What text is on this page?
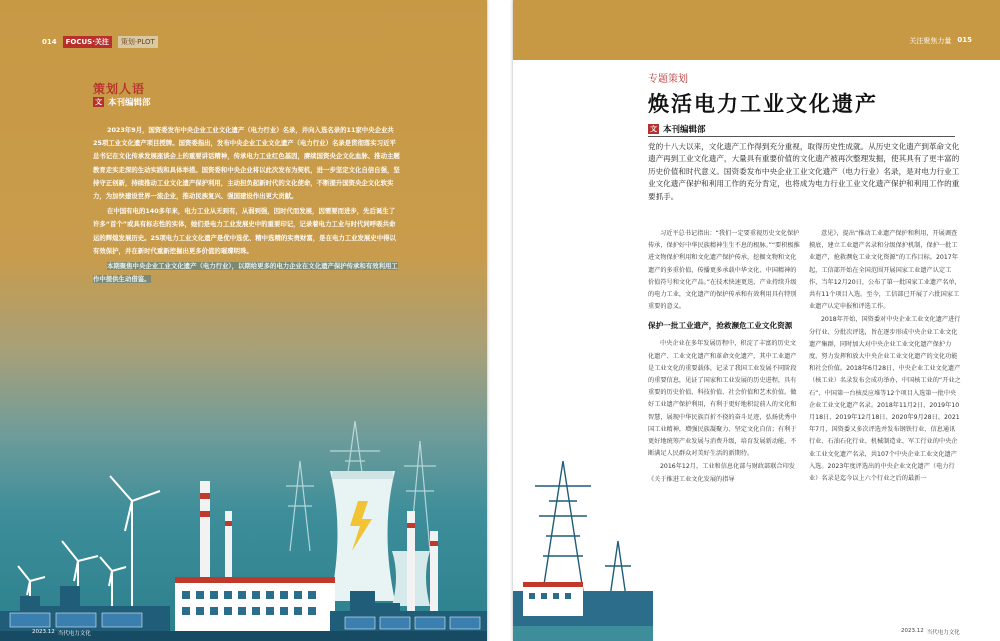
014	FOCUS·关注	策划·PLOT
策划人语
文 本刊编辑部

2023年9月，国资委发布中央企业工业文化遗产（电力行业）名录，并向入选名录的11家中央企业共25项工业文化遗产项目授牌。国资委指出，发布中央企业工业文化遗产（电力行业）名录是贯彻落实习近平总书记在文化传承发展座谈会上的重要讲话精神，传承电力工业红色基因，赓续国资央企文化血脉、推动主题教育走实走深的生动实践和具体举措。国资委和中央企业将以此次发布为契机，进一步坚定文化自信自强，坚持守正创新，持续推动工业文化遗产保护利用，主动担负起新时代的文化使命，不断提升国资央企文化软实力，为加快建设世界一流企业，推动民族复兴、强国建设作出更大贡献。

在中国有电的140多年来，电力工业从无到有，从弱到强，因时代而发展，因需要而进步，先后诞生了许多“首个”或具有标志性的实体，她们是电力工业发展史中的重要印记，记录着电力工业与时代同呼吸共命运的辉煌发展历史。25项电力工业文化遗产是优中选优、精中选精的实贵财富，是在电力工业发展史中得以有效保护，并在新时代重新挖掘出更多价值的璀璨明珠。

本期聚焦中央企业工业文化遗产（电力行业），以期给更多的电力企业在文化遗产保护传承和有效利用工作中提供生动借鉴。

2023.12 当代电力文化
关注聚焦力量 015
专题策划
焕活电力工业文化遗产
文 本刊编辑部
党的十八大以来，文化遗产工作得到充分重视，取得历史性成就。从历史文化遗产到革命文化遗产再到工业文化遗产，大量具有重要价值的文化遗产被再次整理发掘，使其具有了更丰富的历史价值和时代意义。国资委发布中央企业工业文化遗产（电力行业）名录，是对电力行业工业文化遗产保护和利用工作的充分肯定，也将成为电力行业工业文化遗产保护和利用工作的重要抓手。

习近平总书记指出：“我们一定要重视历史文化保护传承，保护好中华民族精神生生不息的根脉。”“要积极推进文物保护利用和文化遗产保护传承，挖掘文物和文化遗产的多重价值，传播更多承载中华文化、中国精神的价值符号和文化产品。”在技术快速更迭、产业持续升级的电力工业，文化遗产的保护传承和有效利用具有特别重要的意义。

保护一批工业遗产，抢救濒危工业文化资源

中央企业在多年发展历程中，积淀了丰富的历史文化遗产、工业文化遗产和革命文化遗产，其中工业遗产是工业文化的重要载体，记录了我国工业发展不同阶段的重要信息，见证了国家和工业发展的历史进程，具有重要的历史价值、科技价值、社会价值和艺术价值。做好工业遗产保护利用，有利于更好地积淀前人的文化和智慧，展现中华民族百折不挠的奋斗足迹，弘扬优秀中国工业精神，增强民族凝聚力、坚定文化自信；有利于更好地统筹产业发展与消费升级，培育发展新动能，不断满足人民群众对美好生活的新期待。

2016年12月，工业和信息化部与财政部联合印发《关于推进工业文化发展的指导

意见》，提出“推动工业遗产保护和利用，开展调查摸底，建立工业遗产名录和分级保护机制，保护一批工业遗产，抢救濒危工业文化资源”的工作目标。2017年起，工信部开始在全国范围开展国家工业遗产认定工作，当年12月20日，公布了第一批国家工业遗产名单，共有11个项目入选。至今，工信部已开展了六批国家工业遗产认定申报和评选工作。

2018年开始，国资委对中央企业工业文化遗产进行分行业、分批次评选，旨在逐步形成中央企业工业文化遗产集群，同时加大对中央企业工业文化遗产保护力度，努力发挥和放大中央企业工业文化遗产的文化功能和社会价值。2018年6月28日，中央企业工业文化遗产（核工业）名录发布会成功举办，中国核工业的“开业之石”、中国第一台核反应堆等12个项目入选第一批中央企业工业文化遗产名录。2018年11月2日、2019年10月18日、2019年12月18日、2020年9月28日、2021年7月，国资委又多次评选并发布钢铁行业、信息通讯行业、石油石化行业、机械制造业、军工行业的中央企业工业文化遗产名录，共107个中央企业工业文化遗产入选。2023年度评选出的中央企业文化遗产（电力行业）名录是迄今以上六个行业之后的最新一

2023.12 当代电力文化
